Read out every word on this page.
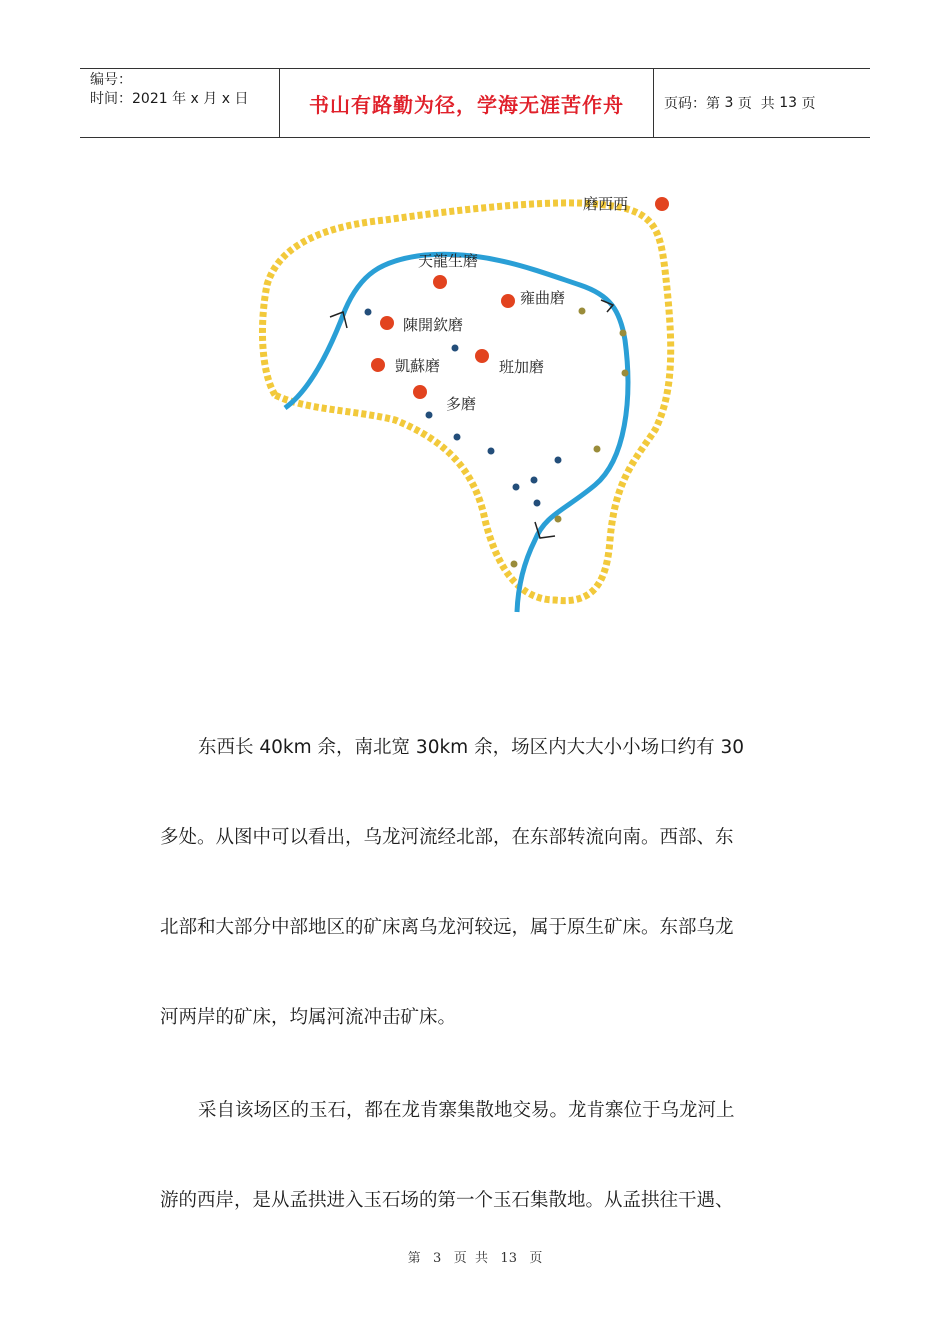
编号：
时间：2021 年 x 月 x 日	书山有路勤为径，学海无涯苦作舟	页码：第
3
页  共
13
页
磨西西
天龍生磨
雍曲磨
陳開欽磨
凱蘇磨	班加磨
多磨
东西长 40km 余，南北宽 30km 余，场区内大大小小场口约有 30
多处。从图中可以看出，乌龙河流经北部，在东部转流向南。西部、东
北部和大部分中部地区的矿床离乌龙河较远，属于原生矿床。东部乌龙
河两岸的矿床，均属河流冲击矿床。
采自该场区的玉石，都在龙肯寨集散地交易。龙肯寨位于乌龙河上
游的西岸，是从孟拱进入玉石场的第一个玉石集散地。从孟拱往干遇、
第 3 页  共 13 页
